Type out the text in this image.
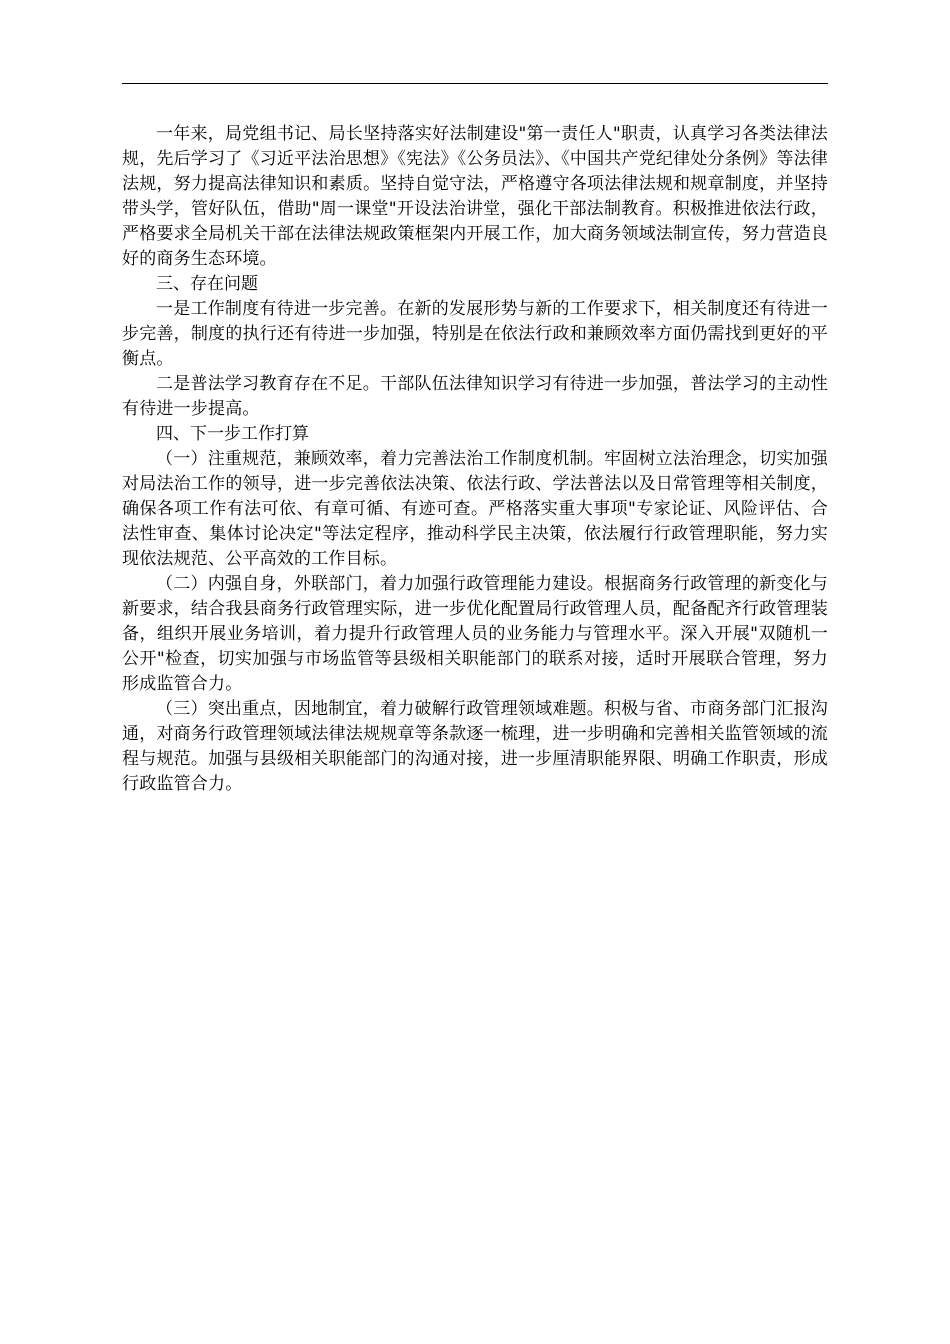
一年来，局党组书记、局长坚持落实好法制建设"第一责任人"职责，认真学习各类法律法规，先后学习了《习近平法治思想》《宪法》《公务员法》、《中国共产党纪律处分条例》等法律法规，努力提高法律知识和素质。坚持自觉守法，严格遵守各项法律法规和规章制度，并坚持带头学，管好队伍，借助"周一课堂"开设法治讲堂，强化干部法制教育。积极推进依法行政，严格要求全局机关干部在法律法规政策框架内开展工作，加大商务领域法制宣传，努力营造良好的商务生态环境。

三、存在问题

一是工作制度有待进一步完善。在新的发展形势与新的工作要求下，相关制度还有待进一步完善，制度的执行还有待进一步加强，特别是在依法行政和兼顾效率方面仍需找到更好的平衡点。

二是普法学习教育存在不足。干部队伍法律知识学习有待进一步加强，普法学习的主动性有待进一步提高。

四、下一步工作打算

（一）注重规范，兼顾效率，着力完善法治工作制度机制。牢固树立法治理念，切实加强对局法治工作的领导，进一步完善依法决策、依法行政、学法普法以及日常管理等相关制度，确保各项工作有法可依、有章可循、有迹可查。严格落实重大事项"专家论证、风险评估、合法性审查、集体讨论决定"等法定程序，推动科学民主决策，依法履行行政管理职能，努力实现依法规范、公平高效的工作目标。

（二）内强自身，外联部门，着力加强行政管理能力建设。根据商务行政管理的新变化与新要求，结合我县商务行政管理实际，进一步优化配置局行政管理人员，配备配齐行政管理装备，组织开展业务培训，着力提升行政管理人员的业务能力与管理水平。深入开展"双随机一公开"检查，切实加强与市场监管等县级相关职能部门的联系对接，适时开展联合管理，努力形成监管合力。

（三）突出重点，因地制宜，着力破解行政管理领域难题。积极与省、市商务部门汇报沟通，对商务行政管理领域法律法规规章等条款逐一梳理，进一步明确和完善相关监管领域的流程与规范。加强与县级相关职能部门的沟通对接，进一步厘清职能界限、明确工作职责，形成行政监管合力。
